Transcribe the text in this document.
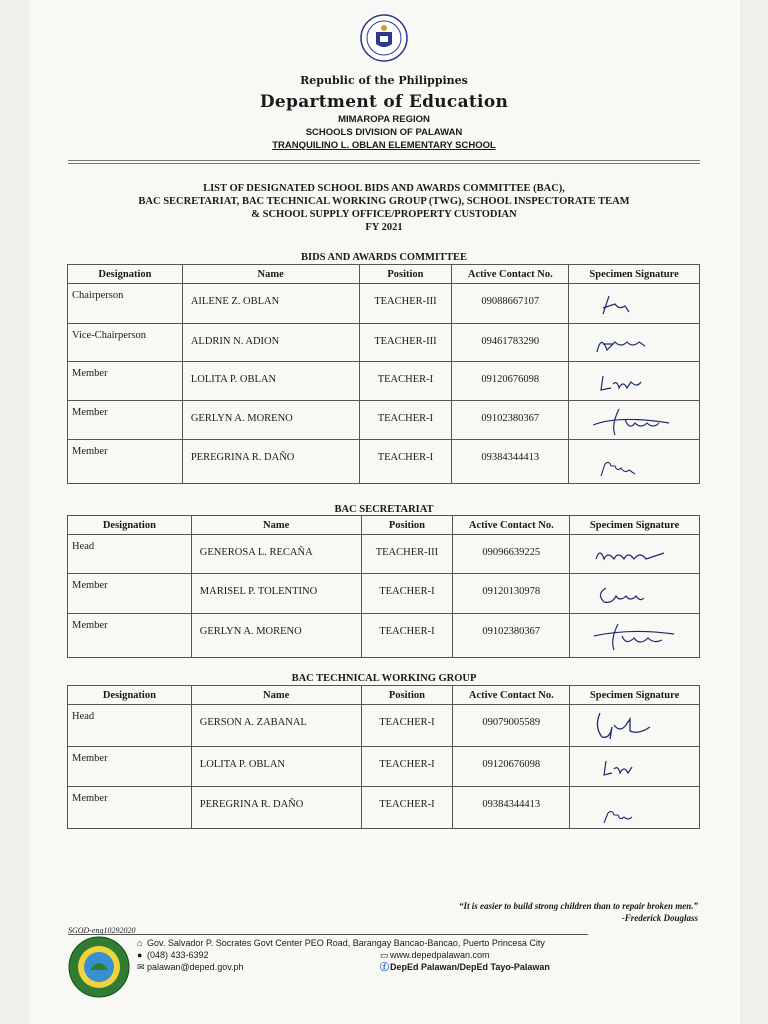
Republic of the Philippines
Department of Education
MIMAROPA REGION
SCHOOLS DIVISION OF PALAWAN
TRANQUILINO L. OBLAN ELEMENTARY SCHOOL
LIST OF DESIGNATED SCHOOL BIDS AND AWARDS COMMITTEE (BAC),
BAC SECRETARIAT, BAC TECHNICAL WORKING GROUP (TWG), SCHOOL INSPECTORATE TEAM
& SCHOOL SUPPLY OFFICE/PROPERTY CUSTODIAN
FY 2021
BIDS AND AWARDS COMMITTEE
Designation	Name	Position	Active Contact No.	Specimen Signature
Chairperson	AILENE Z. OBLAN	TEACHER-III	09088667107	

Vice-Chairperson	ALDRIN N. ADION	TEACHER-III	09461783290	

Member	LOLITA P. OBLAN	TEACHER-I	09120676098	

Member	GERLYN A. MORENO	TEACHER-I	09102380367	

Member	PEREGRINA R. DAÑO	TEACHER-I	09384344413	
BAC SECRETARIAT
Designation	Name	Position	Active Contact No.	Specimen Signature
Head	GENEROSA L. RECAÑA	TEACHER-III	09096639225	

Member	MARISEL P. TOLENTINO	TEACHER-I	09120130978	

Member	GERLYN A. MORENO	TEACHER-I	09102380367	
BAC TECHNICAL WORKING GROUP
Designation	Name	Position	Active Contact No.	Specimen Signature
Head	GERSON A. ZABANAL	TEACHER-I	09079005589	

Member	LOLITA P. OBLAN	TEACHER-I	09120676098	

Member	PEREGRINA R. DAÑO	TEACHER-I	09384344413	
“It is easier to build strong children than to repair broken men.”
-Frederick Douglass
SGOD-eng10292020
⌂ Gov. Salvador P. Socrates Govt Center PEO Road, Barangay Bancao-Bancao, Puerto Princesa City
● (048) 433-6392
✉ palawan@deped.gov.ph
▭www.depedpalawan.com
ⓕDepEd Palawan/DepEd Tayo-Palawan
